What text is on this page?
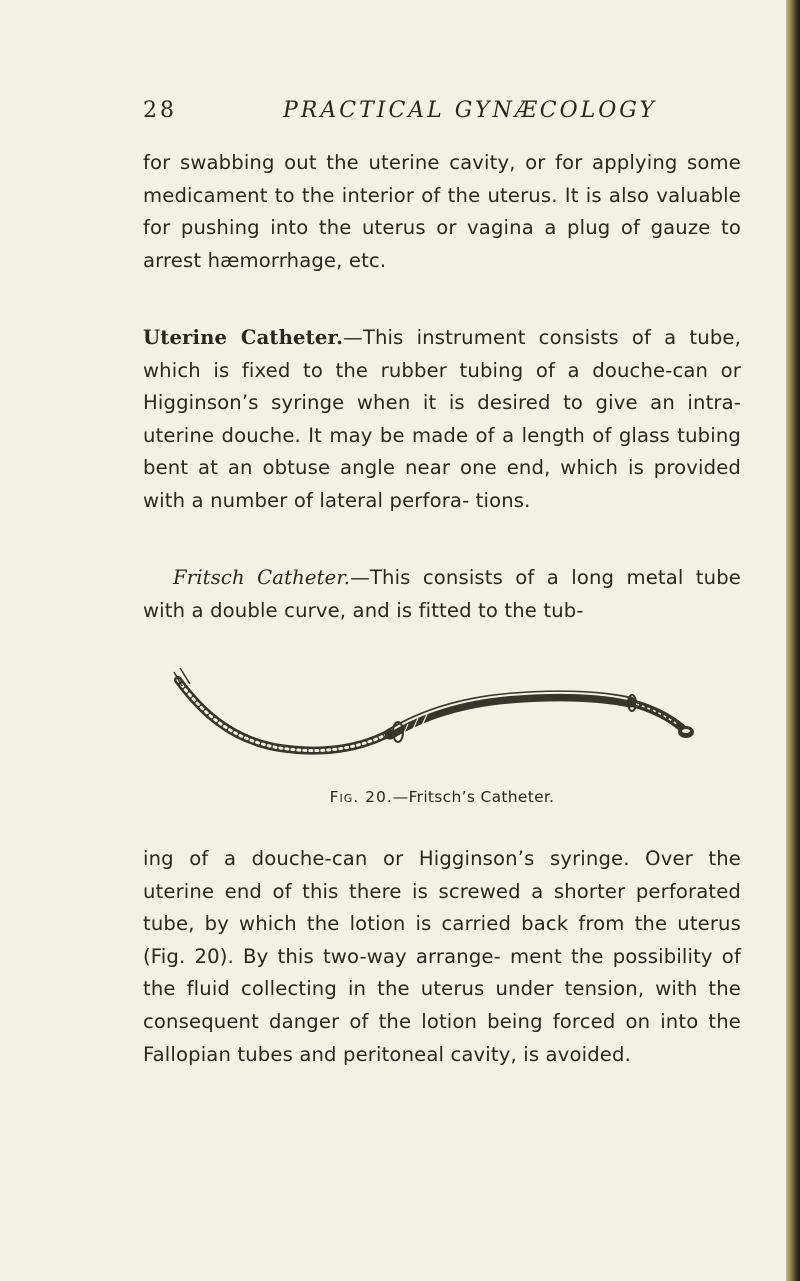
28	PRACTICAL GYNÆCOLOGY

for swabbing out the uterine cavity, or for applying some medicament to the interior of the uterus. It is also valuable for pushing into the uterus or vagina a plug of gauze to arrest hæmorrhage, etc.

Uterine Catheter.—This instrument consists of a tube, which is fixed to the rubber tubing of a douche-can or Higginson’s syringe when it is desired to give an intra-uterine douche. It may be made of a length of glass tubing bent at an obtuse angle near one end, which is provided with a number of lateral perfora- tions.

Fritsch Catheter.—This consists of a long metal tube with a double curve, and is fitted to the tub-

Fig. 20.—Fritsch’s Catheter.

ing of a douche-can or Higginson’s syringe. Over the uterine end of this there is screwed a shorter perforated tube, by which the lotion is carried back from the uterus (Fig. 20). By this two-way arrange- ment the possibility of the fluid collecting in the uterus under tension, with the consequent danger of the lotion being forced on into the Fallopian tubes and peritoneal cavity, is avoided.
